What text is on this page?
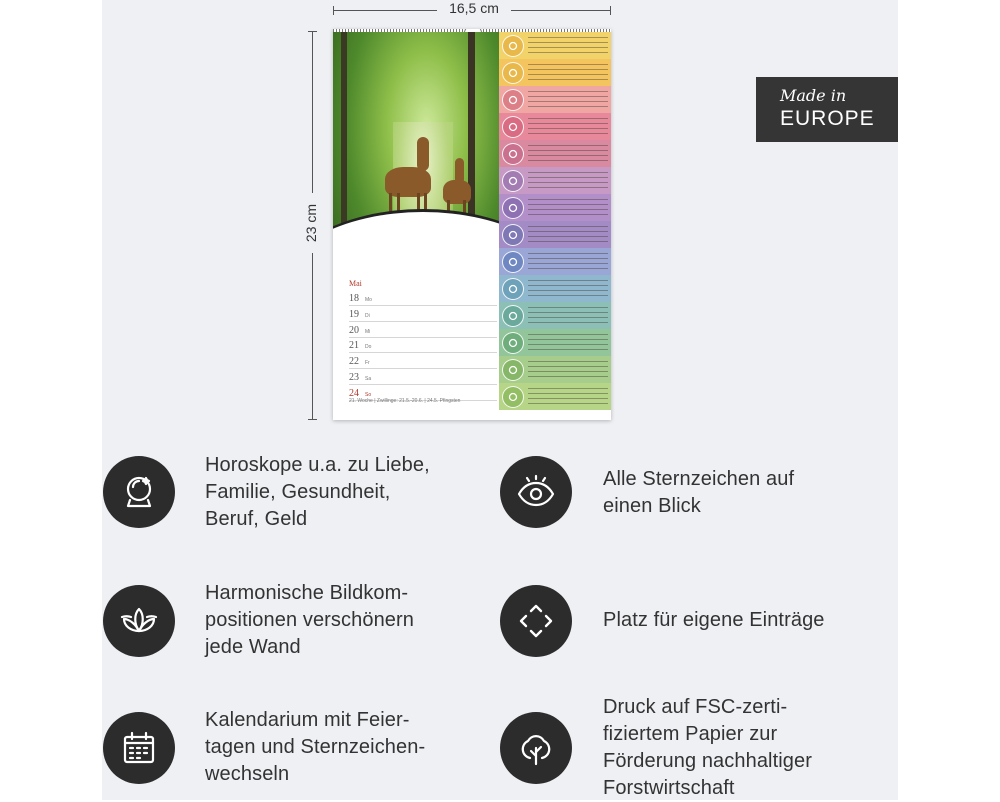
16,5 cm
23 cm
Mai
18 Mo
19 Di
20 Mi
21 Do
22 Fr
23 Sa
24 So
21. Woche | Zwillinge: 21.5.-20.6. | 24.5. Pfingsten
Made in
EUROPE
Horoskope u.a. zu Liebe,
Familie, Gesundheit,
Beruf, Geld
Alle Sternzeichen auf
einen Blick
Harmonische Bildkom-
positionen verschönern
jede Wand
Platz für eigene Einträge
Kalendarium mit Feier-
tagen und Sternzeichen-
wechseln
Druck auf FSC-zerti-
fiziertem Papier zur
Förderung nachhaltiger
Forstwirtschaft
